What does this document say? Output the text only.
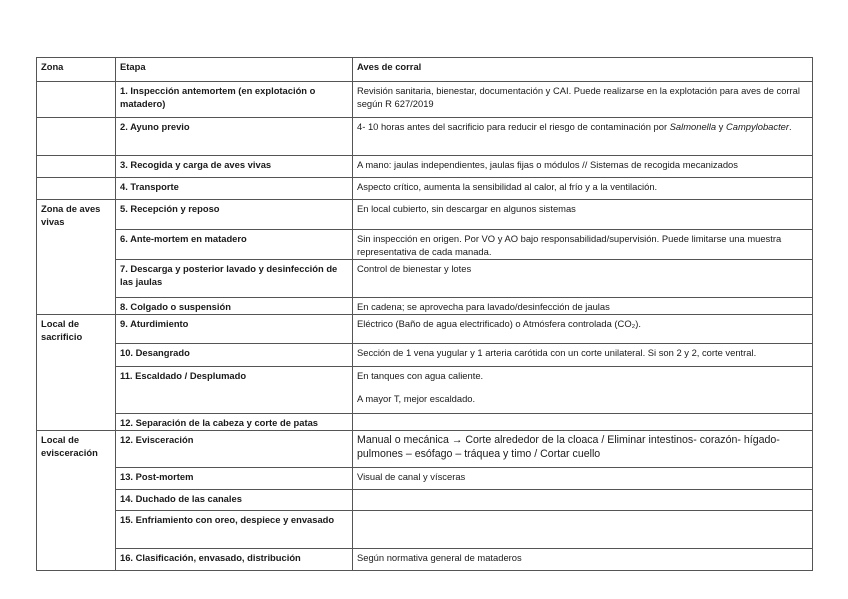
Zona	Etapa	Aves de corral
	1. Inspección antemortem (en explotación o matadero)	Revisión sanitaria, bienestar, documentación y CAI. Puede realizarse en la explotación para aves de corral según R 627/2019
	2. Ayuno previo	4- 10 horas antes del sacrificio para reducir el riesgo de contaminación por Salmonella y Campylobacter.
	3. Recogida y carga de aves vivas	A mano: jaulas independientes, jaulas fijas o módulos // Sistemas de recogida mecanizados
	4. Transporte	Aspecto crítico, aumenta la sensibilidad al calor, al frío y a la ventilación.
Zona de aves vivas	5. Recepción y reposo	En local cubierto, sin descargar en algunos sistemas
	6. Ante-mortem en matadero	Sin inspección en origen. Por VO y AO bajo responsabilidad/supervisión. Puede limitarse una muestra representativa de cada manada.
	7. Descarga y posterior lavado y desinfección de las jaulas	Control de bienestar y lotes
	8. Colgado o suspensión	En cadena; se aprovecha para lavado/desinfección de jaulas
Local de sacrificio	9. Aturdimiento	Eléctrico (Baño de agua electrificado) o Atmósfera controlada (CO₂).
	10. Desangrado	Sección de 1 vena yugular y 1 arteria carótida con un corte unilateral. Si son 2 y 2, corte ventral.
	11. Escaldado / Desplumado	En tanques con agua caliente.
A mayor T, mejor escaldado.

	12. Separación de la cabeza y corte de patas	
Local de evisceración	12. Evisceración	Manual o mecánica → Corte alrededor de la cloaca / Eliminar intestinos- corazón- hígado- pulmones – esófago – tráquea y timo / Cortar cuello
	13. Post-mortem	Visual de canal y vísceras
	14. Duchado de las canales	
	15. Enfriamiento con oreo, despiece y envasado	
	16. Clasificación, envasado, distribución	Según normativa general de mataderos
